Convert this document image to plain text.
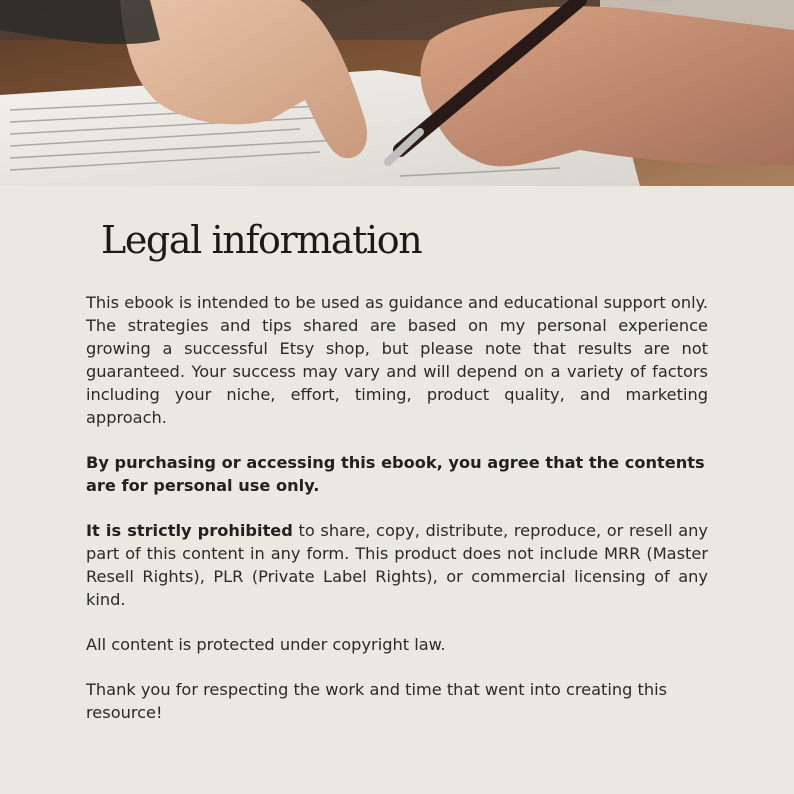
Legal information

This ebook is intended to be used as guidance and educational support only. The strategies and tips shared are based on my personal experience growing a successful Etsy shop, but please note that results are not guaranteed. Your success may vary and will depend on a variety of factors including your niche, effort, timing, product quality, and marketing approach.

By purchasing or accessing this ebook, you agree that the contents are for personal use only.

It is strictly prohibited to share, copy, distribute, reproduce, or resell any part of this content in any form. This product does not include MRR (Master Resell Rights), PLR (Private Label Rights), or commercial licensing of any kind.

All content is protected under copyright law.

Thank you for respecting the work and time that went into creating this resource!
